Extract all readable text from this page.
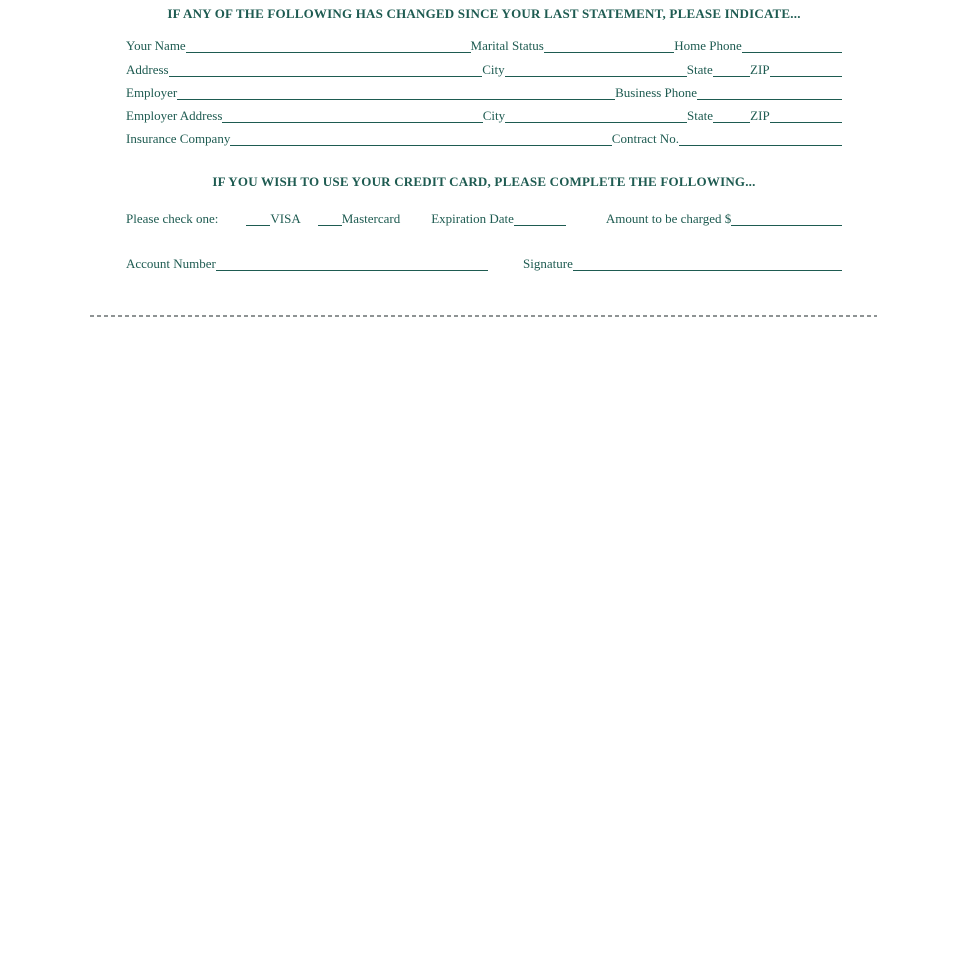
IF ANY OF THE FOLLOWING HAS CHANGED SINCE YOUR LAST STATEMENT, PLEASE INDICATE...
Your Name	Marital Status	Home Phone
Address	City	State	ZIP
Employer	Business Phone
Employer Address	City	State	ZIP
Insurance Company	Contract No.
IF YOU WISH TO USE YOUR CREDIT CARD, PLEASE COMPLETE THE FOLLOWING...
Please check one:	VISA	Mastercard Expiration Date	Amount to be charged $
Account Number	Signature
